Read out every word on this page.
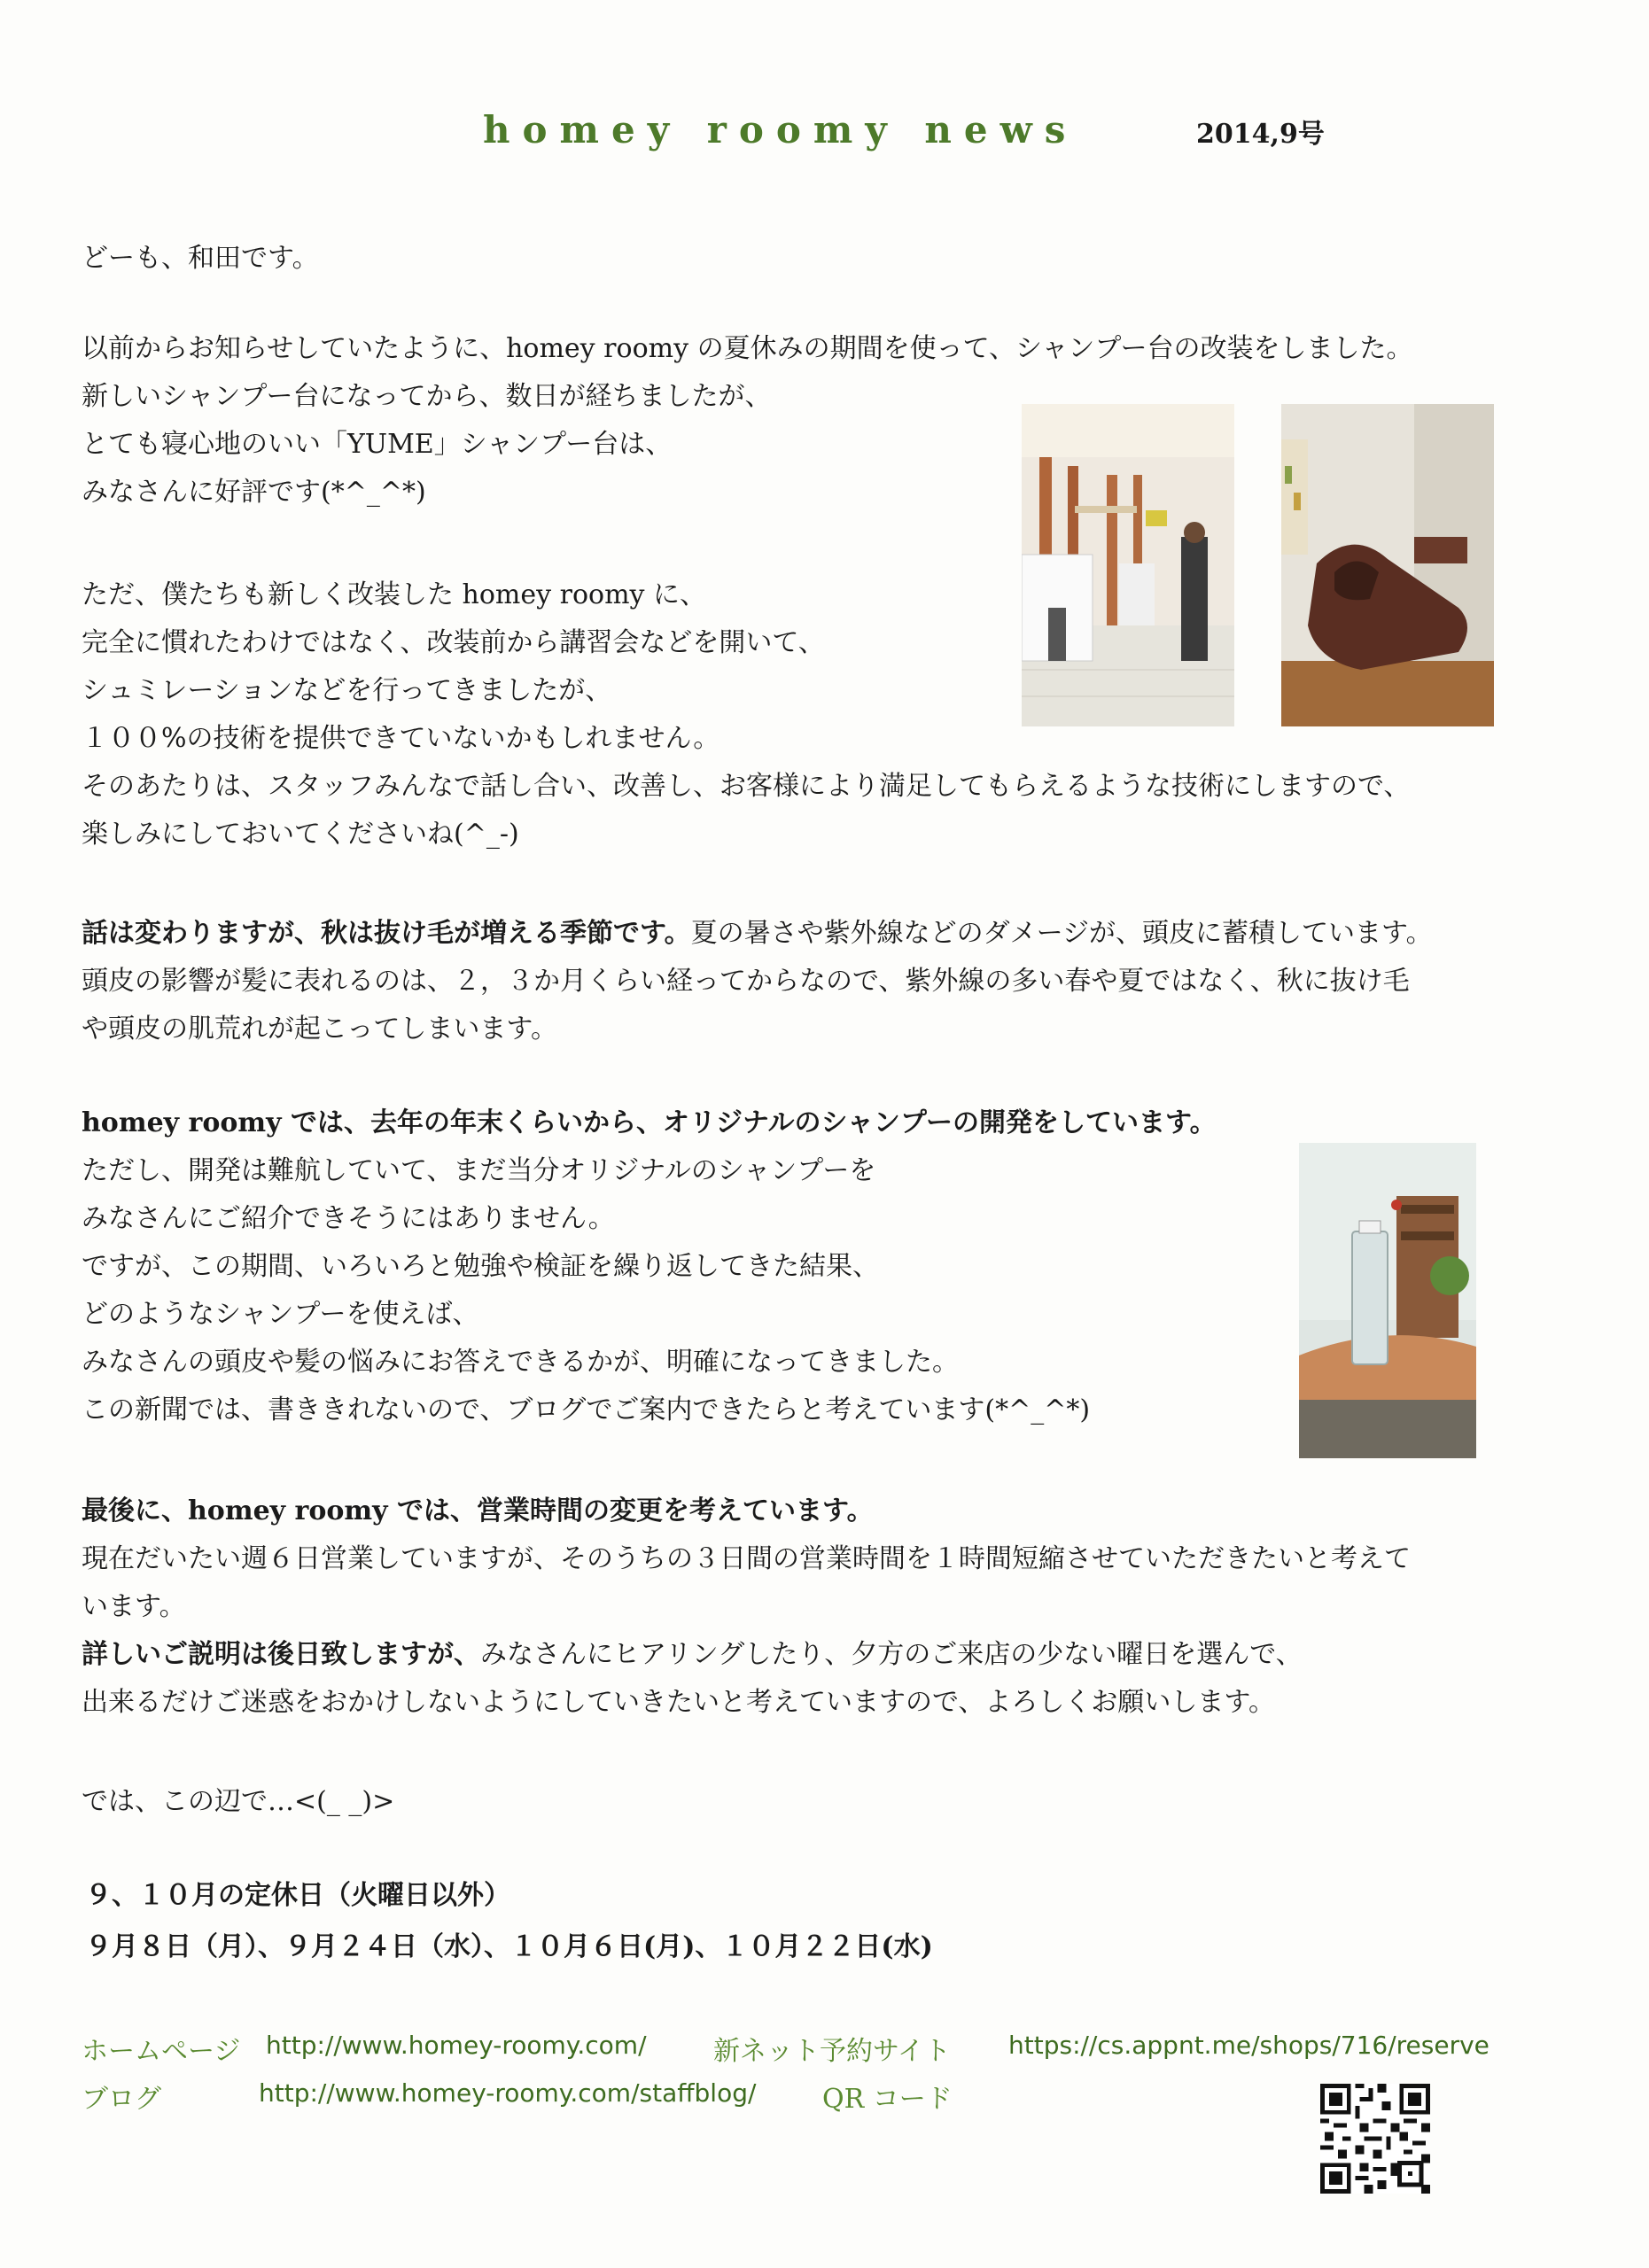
homey roomy news	2014,9号
どーも、和田です。
以前からお知らせしていたように、homey roomy の夏休みの期間を使って、シャンプー台の改装をしました。
新しいシャンプー台になってから、数日が経ちましたが、
とても寝心地のいい「YUME」シャンプー台は、
みなさんに好評です(*^_^*)
ただ、僕たちも新しく改装した homey roomy に、
完全に慣れたわけではなく、改装前から講習会などを開いて、
シュミレーションなどを行ってきましたが、
１００%の技術を提供できていないかもしれません。
そのあたりは、スタッフみんなで話し合い、改善し、お客様により満足してもらえるような技術にしますので、
楽しみにしておいてくださいね(^_-)
話は変わりますが、秋は抜け毛が増える季節です。夏の暑さや紫外線などのダメージが、頭皮に蓄積しています。
頭皮の影響が髪に表れるのは、２，３か月くらい経ってからなので、紫外線の多い春や夏ではなく、秋に抜け毛
や頭皮の肌荒れが起こってしまいます。
homey roomy では、去年の年末くらいから、オリジナルのシャンプーの開発をしています。
ただし、開発は難航していて、まだ当分オリジナルのシャンプーを
みなさんにご紹介できそうにはありません。
ですが、この期間、いろいろと勉強や検証を繰り返してきた結果、
どのようなシャンプーを使えば、
みなさんの頭皮や髪の悩みにお答えできるかが、明確になってきました。
この新聞では、書ききれないので、ブログでご案内できたらと考えています(*^_^*)
最後に、homey roomy では、営業時間の変更を考えています。
現在だいたい週６日営業していますが、そのうちの３日間の営業時間を１時間短縮させていただきたいと考えて
います。
詳しいご説明は後日致しますが、みなさんにヒアリングしたり、夕方のご来店の少ない曜日を選んで、
出来るだけご迷惑をおかけしないようにしていきたいと考えていますので、よろしくお願いします。
では、この辺で…<(_ _)>
９、１０月の定休日（火曜日以外）
９月８日（月）、９月２４日（水）、１０月６日(月)、１０月２２日(水)
ホームページ http://www.homey-roomy.com/	新ネット予約サイト https://cs.appnt.me/shops/716/reserve
ブログ	http://www.homey-roomy.com/staffblog/ QR コード
